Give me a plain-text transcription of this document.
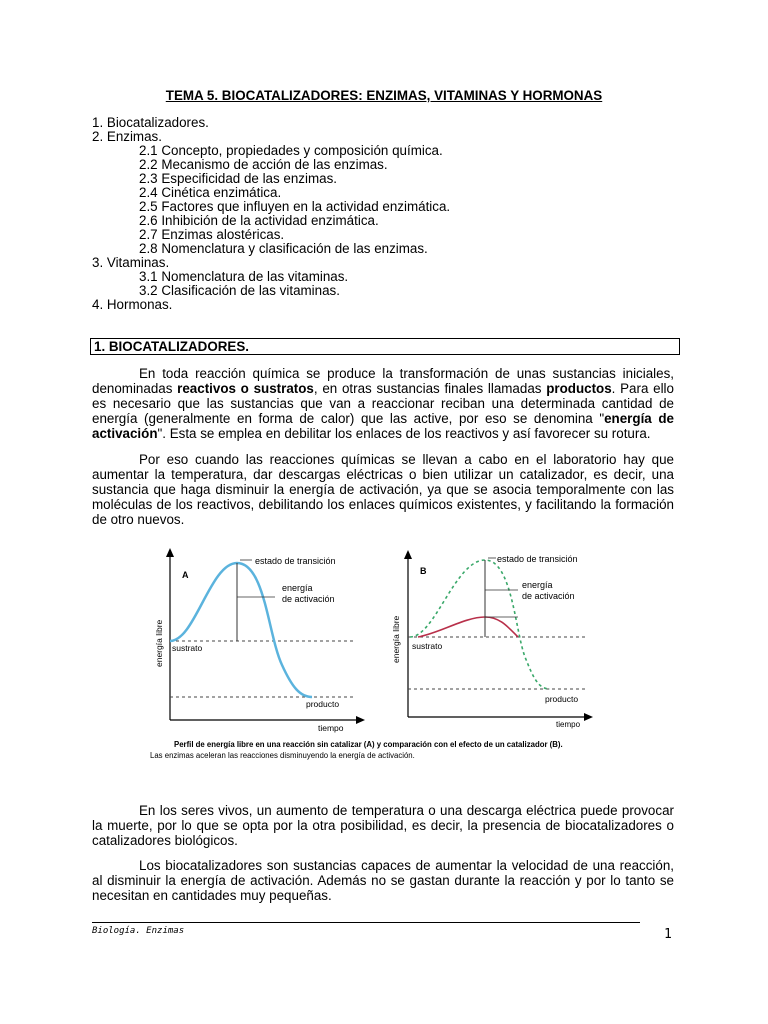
TEMA 5. BIOCATALIZADORES: ENZIMAS, VITAMINAS Y HORMONAS
1. Biocatalizadores.
2. Enzimas.
2.1 Concepto, propiedades y composición química.
2.2 Mecanismo de acción de las enzimas.
2.3 Especificidad de las enzimas.
2.4 Cinética enzimática.
2.5 Factores que influyen en la actividad enzimática.
2.6 Inhibición de la actividad enzimática.
2.7 Enzimas alostéricas.
2.8 Nomenclatura y clasificación de las enzimas.
3. Vitaminas.
3.1 Nomenclatura de las vitaminas.
3.2 Clasificación de las vitaminas.
4. Hormonas.
1. BIOCATALIZADORES.
En toda reacción química se produce la transformación de unas sustancias iniciales, denominadas reactivos o sustratos, en otras sustancias finales llamadas productos. Para ello es necesario que las sustancias que van a reaccionar reciban una determinada cantidad de energía (generalmente en forma de calor) que las active, por eso se denomina "energía de activación". Esta se emplea en debilitar los enlaces de los reactivos y así favorecer su rotura.
Por eso cuando las reacciones químicas se llevan a cabo en el laboratorio hay que aumentar la temperatura, dar descargas eléctricas o bien utilizar un catalizador, es decir, una sustancia que haga disminuir la energía de activación, ya que se asocia temporalmente con las moléculas de los reactivos, debilitando los enlaces químicos existentes, y facilitando la formación de otro nuevos.
A
estado de transición
energía
de activación
sustrato
producto
tiempo
energía libre
B
estado de transición
energía
de activación
sustrato
producto
tiempo
energía libre
Perfil de energía libre en una reacción sin catalizar (A) y comparación con el efecto de un catalizador (B).
Las enzimas aceleran las reacciones disminuyendo la energía de activación.
En los seres vivos, un aumento de temperatura o una descarga eléctrica puede provocar la muerte, por lo que se opta por la otra posibilidad, es decir, la presencia de biocatalizadores o catalizadores biológicos.
Los biocatalizadores son sustancias capaces de aumentar la velocidad de una reacción, al disminuir la energía de activación. Además no se gastan durante la reacción y por lo tanto se necesitan en cantidades muy pequeñas.
Biología. Enzimas	1
